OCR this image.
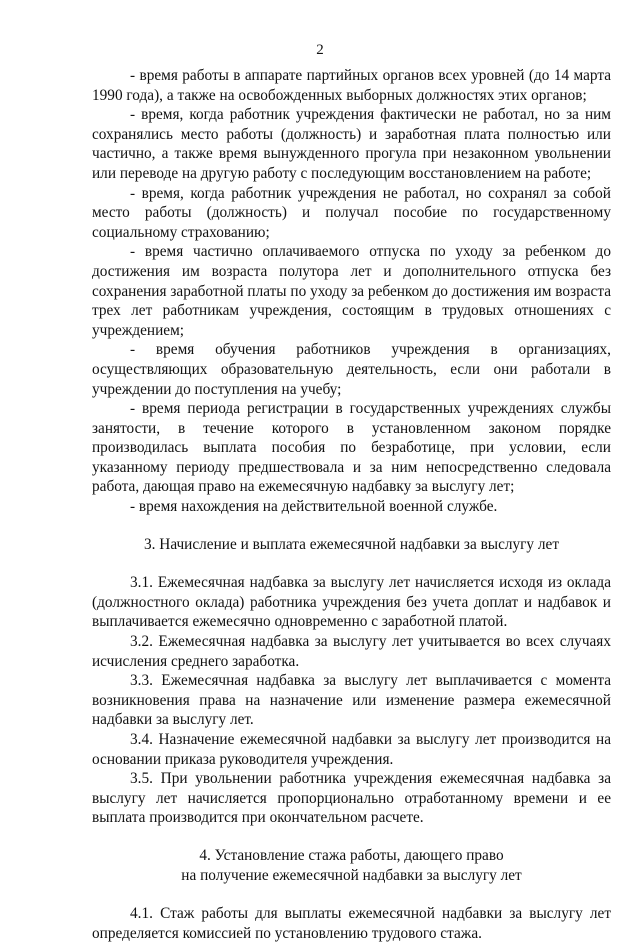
2

- время работы в аппарате партийных органов всех уровней (до 14 марта 1990 года), а также на освобожденных выборных должностях этих органов;

- время, когда работник учреждения фактически не работал, но за ним сохранялись место работы (должность) и заработная плата полностью или частично, а также время вынужденного прогула при незаконном увольнении или переводе на другую работу с последующим восстановлением на работе;

- время, когда работник учреждения не работал, но сохранял за собой место работы (должность) и получал пособие по государственному социальному страхованию;

- время частично оплачиваемого отпуска по уходу за ребенком до достижения им возраста полутора лет и дополнительного отпуска без сохранения заработной платы по уходу за ребенком до достижения им возраста трех лет работникам учреждения, состоящим в трудовых отношениях с учреждением;

- время обучения работников учреждения в организациях, осуществляющих образовательную деятельность, если они работали в учреждении до поступления на учебу;

- время периода регистрации в государственных учреждениях службы занятости, в течение которого в установленном законом порядке производилась выплата пособия по безработице, при условии, если указанному периоду предшествовала и за ним непосредственно следовала работа, дающая право на ежемесячную надбавку за выслугу лет;

- время нахождения на действительной военной службе.

3. Начисление и выплата ежемесячной надбавки за выслугу лет

3.1. Ежемесячная надбавка за выслугу лет начисляется исходя из оклада (должностного оклада) работника учреждения без учета доплат и надбавок и выплачивается ежемесячно одновременно с заработной платой.

3.2. Ежемесячная надбавка за выслугу лет учитывается во всех случаях исчисления среднего заработка.

3.3. Ежемесячная надбавка за выслугу лет выплачивается с момента возникновения права на назначение или изменение размера ежемесячной надбавки за выслугу лет.

3.4. Назначение ежемесячной надбавки за выслугу лет производится на основании приказа руководителя учреждения.

3.5. При увольнении работника учреждения ежемесячная надбавка за выслугу лет начисляется пропорционально отработанному времени и ее выплата производится при окончательном расчете.

4. Установление стажа работы, дающего право
на получение ежемесячной надбавки за выслугу лет

4.1. Стаж работы для выплаты ежемесячной надбавки за выслугу лет определяется комиссией по установлению трудового стажа.
